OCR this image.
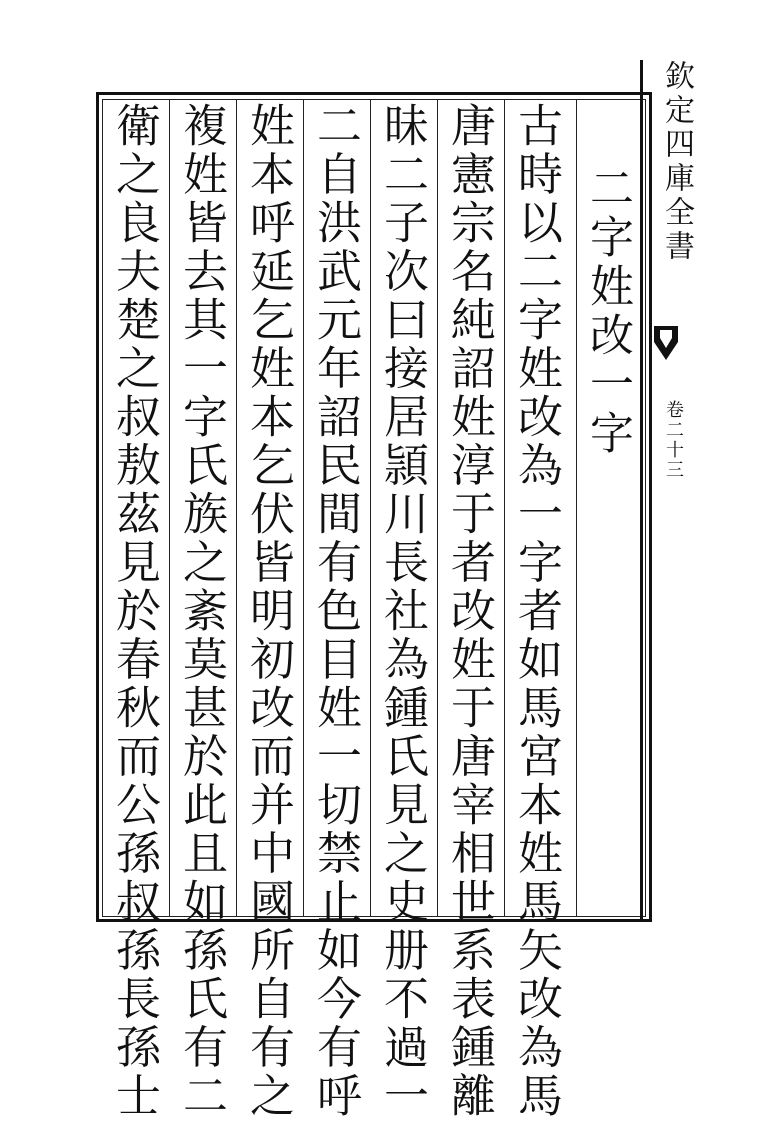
欽定四庫全書
卷二十三
二字姓改一字
古時以二字姓改為一字者如馬宮本姓馬矢改為馬
唐憲宗名純詔姓淳于者改姓于唐宰相世系表鍾離
昧二子次曰接居頴川長社為鍾氏見之史册不過一
二自洪武元年詔民間有色目姓一切禁止如今有呼
姓本呼延乞姓本乞伏皆明初改而并中國所自有之
複姓皆去其一字氏族之紊莫甚於此且如孫氏有二
衛之良夫楚之叔敖茲見於春秋而公孫叔孫長孫士
